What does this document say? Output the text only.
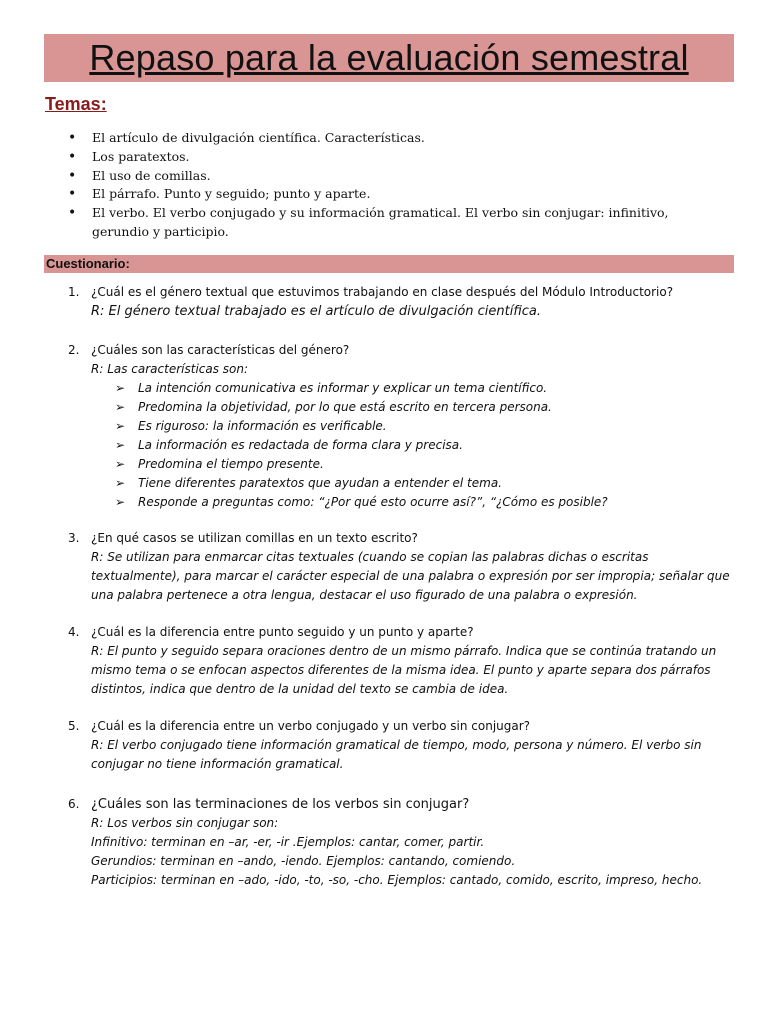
Repaso para la evaluación semestral
Temas:
• El artículo de divulgación científica. Características.
• Los paratextos.
• El uso de comillas.
• El párrafo. Punto y seguido; punto y aparte.
• El verbo. El verbo conjugado y su información gramatical. El verbo sin conjugar: infinitivo, gerundio y participio.
Cuestionario:
1. ¿Cuál es el género textual que estuvimos trabajando en clase después del Módulo Introductorio?
R: El género textual trabajado es el artículo de divulgación científica.
2. ¿Cuáles son las características del género?
R: Las características son:
➢ La intención comunicativa es informar y explicar un tema científico.
➢ Predomina la objetividad, por lo que está escrito en tercera persona.
➢ Es riguroso: la información es verificable.
➢ La información es redactada de forma clara y precisa.
➢ Predomina el tiempo presente.
➢ Tiene diferentes paratextos que ayudan a entender el tema.
➢ Responde a preguntas como: “¿Por qué esto ocurre así?”, “¿Cómo es posible?
3. ¿En qué casos se utilizan comillas en un texto escrito?
R: Se utilizan para enmarcar citas textuales (cuando se copian las palabras dichas o escritas textualmente), para marcar el carácter especial de una palabra o expresión por ser impropia; señalar que una palabra pertenece a otra lengua, destacar el uso figurado de una palabra o expresión.
4. ¿Cuál es la diferencia entre punto seguido y un punto y aparte?
R: El punto y seguido separa oraciones dentro de un mismo párrafo. Indica que se continúa tratando un mismo tema o se enfocan aspectos diferentes de la misma idea. El punto y aparte separa dos párrafos distintos, indica que dentro de la unidad del texto se cambia de idea.
5. ¿Cuál es la diferencia entre un verbo conjugado y un verbo sin conjugar?
R: El verbo conjugado tiene información gramatical de tiempo, modo, persona y número. El verbo sin conjugar no tiene información gramatical.
6. ¿Cuáles son las terminaciones de los verbos sin conjugar?
R: Los verbos sin conjugar son:
Infinitivo: terminan en –ar, -er, -ir .Ejemplos: cantar, comer, partir.
Gerundios: terminan en –ando, -iendo. Ejemplos: cantando, comiendo.
Participios: terminan en –ado, -ido, -to, -so, -cho. Ejemplos: cantado, comido, escrito, impreso, hecho.
